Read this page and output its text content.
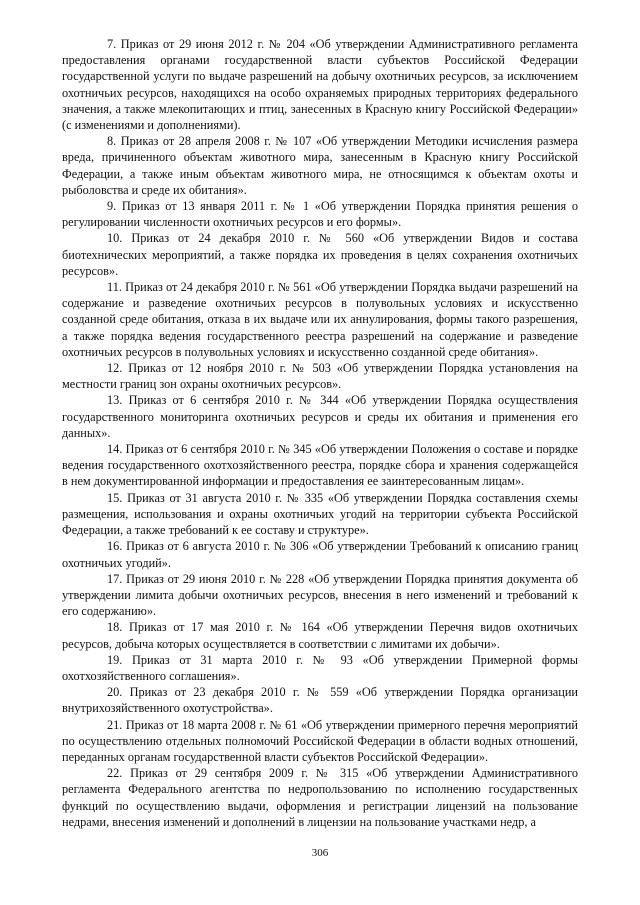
7. Приказ от 29 июня 2012 г. № 204 «Об утверждении Административного регламента предоставления органами государственной власти субъектов Российской Федерации государственной услуги по выдаче разрешений на добычу охотничьих ресурсов, за исключением охотничьих ресурсов, находящихся на особо охраняемых природных территориях федерального значения, а также млекопитающих и птиц, занесенных в Красную книгу Российской Федерации» (с изменениями и дополнениями).

8. Приказ от 28 апреля 2008 г. № 107 «Об утверждении Методики исчисления размера вреда, причиненного объектам животного мира, занесенным в Красную книгу Российской Федерации, а также иным объектам животного мира, не относящимся к объектам охоты и рыболовства и среде их обитания».

9. Приказ от 13 января 2011 г. № 1 «Об утверждении Порядка принятия решения о регулировании численности охотничьих ресурсов и его формы».

10. Приказ от 24 декабря 2010 г. № 560 «Об утверждении Видов и состава биотехнических мероприятий, а также порядка их проведения в целях сохранения охотничьих ресурсов».

11. Приказ от 24 декабря 2010 г. № 561 «Об утверждении Порядка выдачи разрешений на содержание и разведение охотничьих ресурсов в полувольных условиях и искусственно созданной среде обитания, отказа в их выдаче или их аннулирования, формы такого разрешения, а также порядка ведения государственного реестра разрешений на содержание и разведение охотничьих ресурсов в полувольных условиях и искусственно созданной среде обитания».

12. Приказ от 12 ноября 2010 г. № 503 «Об утверждении Порядка установления на местности границ зон охраны охотничьих ресурсов».

13. Приказ от 6 сентября 2010 г. № 344 «Об утверждении Порядка осуществления государственного мониторинга охотничьих ресурсов и среды их обитания и применения его данных».

14. Приказ от 6 сентября 2010 г. № 345 «Об утверждении Положения о составе и порядке ведения государственного охотхозяйственного реестра, порядке сбора и хранения содержащейся в нем документированной информации и предоставления ее заинтересованным лицам».

15. Приказ от 31 августа 2010 г. № 335 «Об утверждении Порядка составления схемы размещения, использования и охраны охотничьих угодий на территории субъекта Российской Федерации, а также требований к ее составу и структуре».

16. Приказ от 6 августа 2010 г. № 306 «Об утверждении Требований к описанию границ охотничьих угодий».

17. Приказ от 29 июня 2010 г. № 228 «Об утверждении Порядка принятия документа об утверждении лимита добычи охотничьих ресурсов, внесения в него изменений и требований к его содержанию».

18. Приказ от 17 мая 2010 г. № 164 «Об утверждении Перечня видов охотничьих ресурсов, добыча которых осуществляется в соответствии с лимитами их добычи».

19. Приказ от 31 марта 2010 г. № 93 «Об утверждении Примерной формы охотхозяйственного соглашения».

20. Приказ от 23 декабря 2010 г. № 559 «Об утверждении Порядка организации внутрихозяйственного охотустройства».

21. Приказ от 18 марта 2008 г. № 61 «Об утверждении примерного перечня мероприятий по осуществлению отдельных полномочий Российской Федерации в области водных отношений, переданных органам государственной власти субъектов Российской Федерации».

22. Приказ от 29 сентября 2009 г. № 315 «Об утверждении Административного регламента Федерального агентства по недропользованию по исполнению государственных функций по осуществлению выдачи, оформления и регистрации лицензий на пользование недрами, внесения изменений и дополнений в лицензии на пользование участками недр, а

306
